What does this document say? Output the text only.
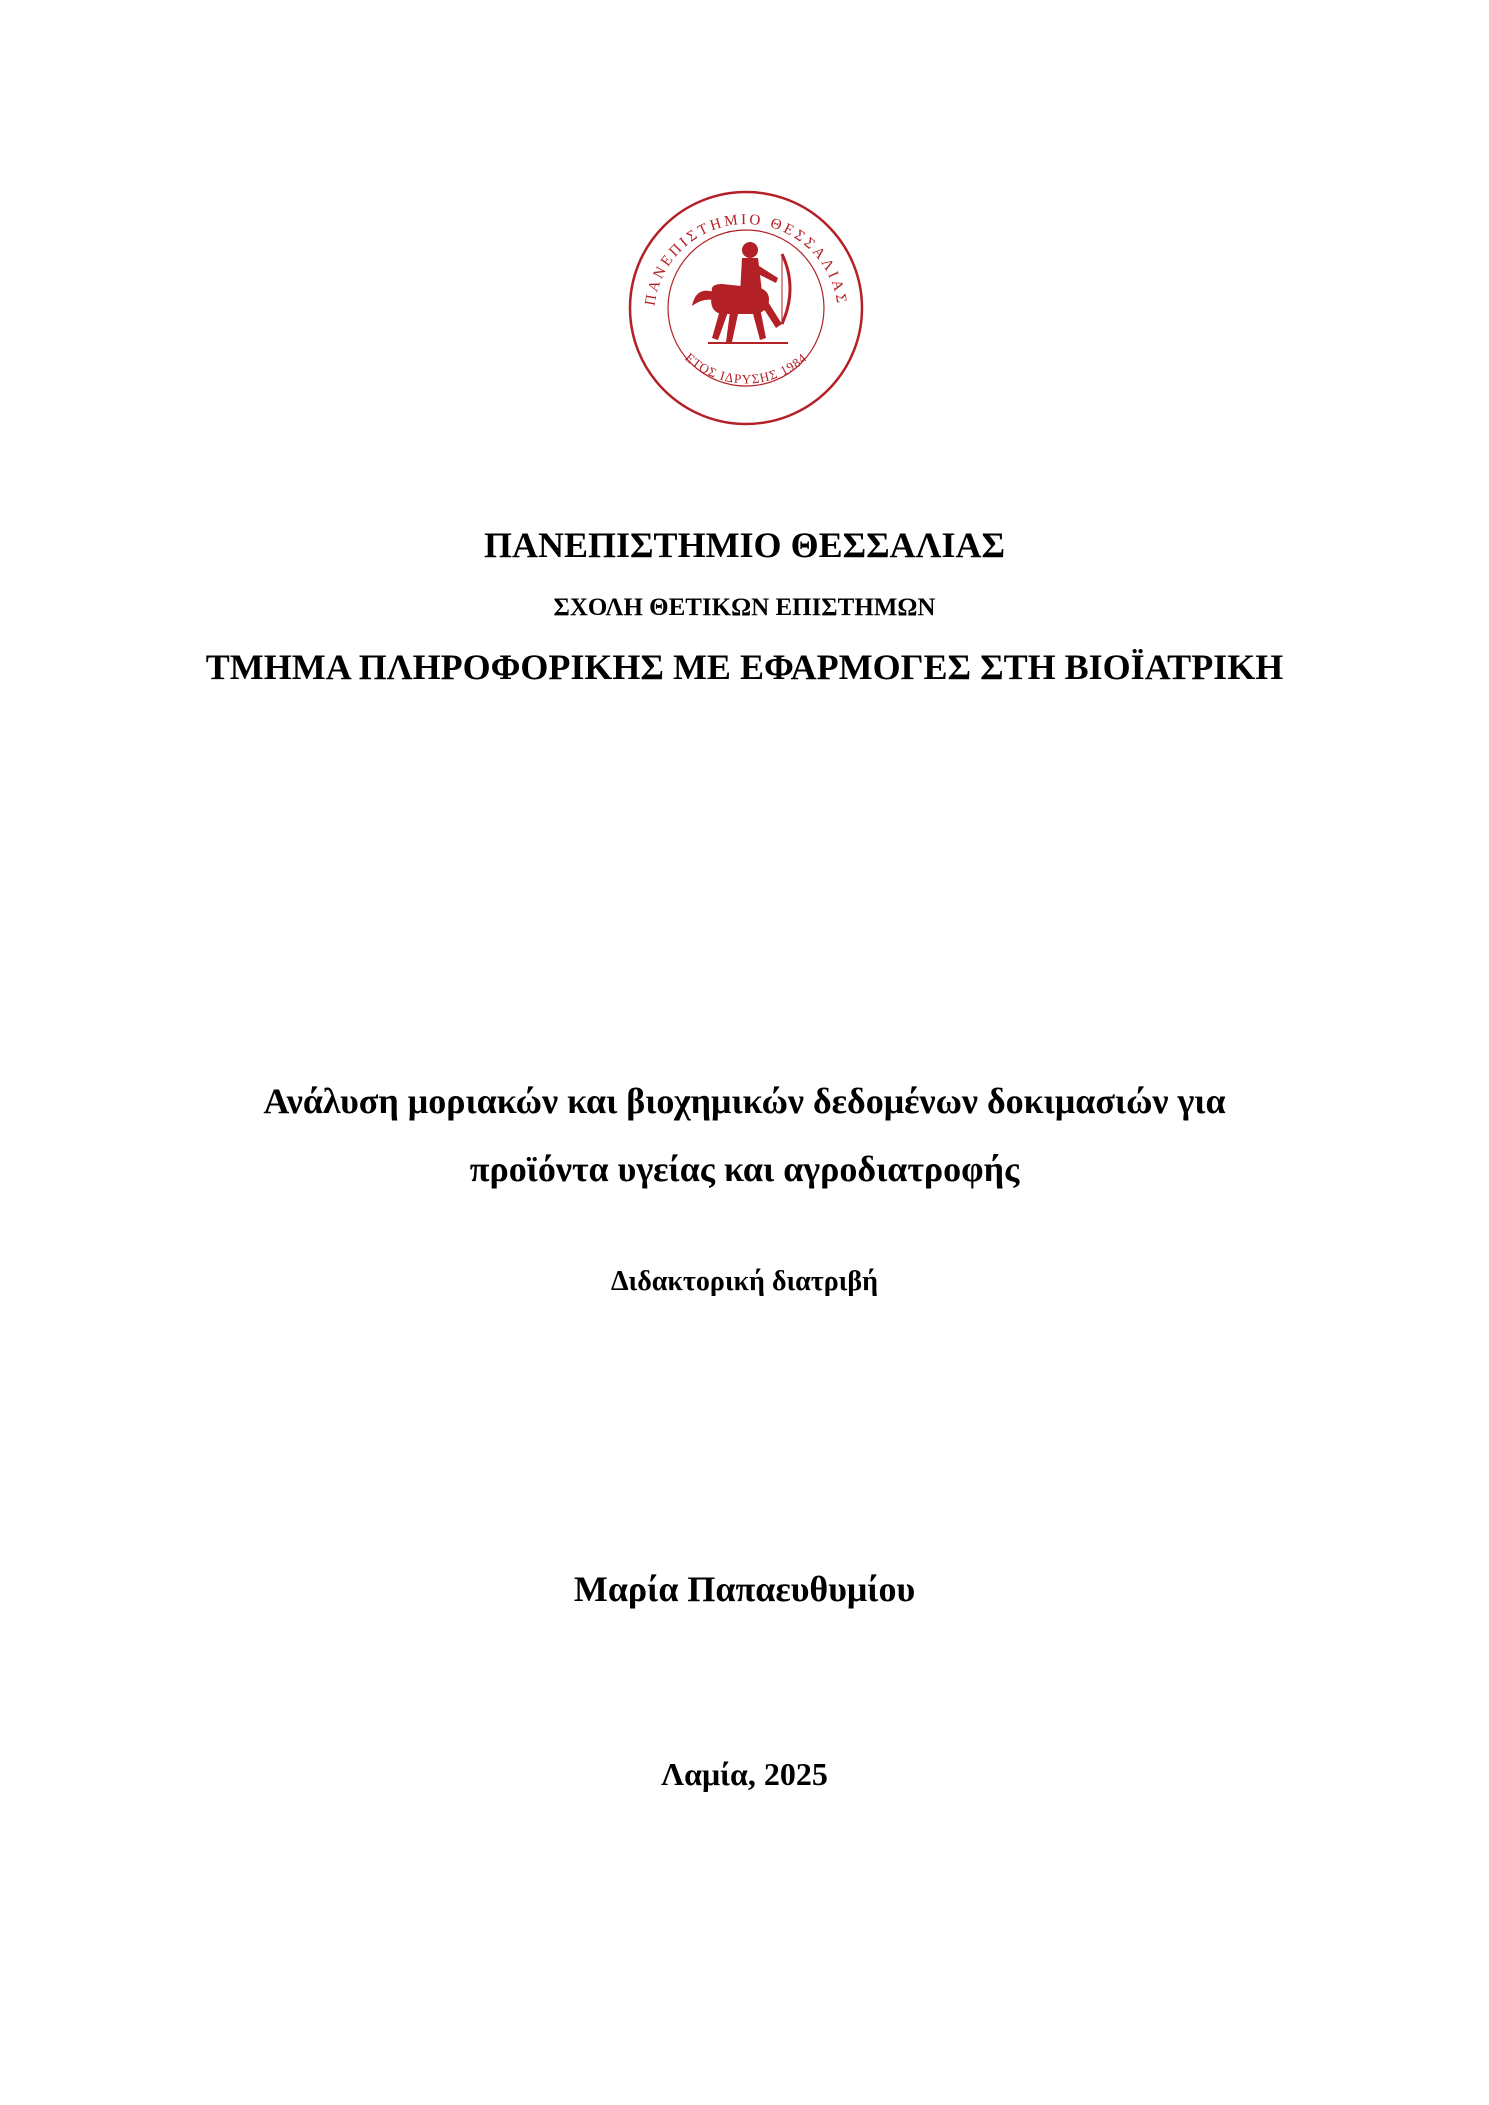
ΠΑΝΕΠΙΣΤΗΜΙΟ ΘΕΣΣΑΛΙΑΣ
ΕΤΟΣ ΙΔΡΥΣΗΣ 1984
ΠΑΝΕΠΙΣΤΗΜΙΟ ΘΕΣΣΑΛΙΑΣ
ΣΧΟΛΗ ΘΕΤΙΚΩΝ ΕΠΙΣΤΗΜΩΝ
ΤΜΗΜΑ ΠΛΗΡΟΦΟΡΙΚΗΣ ΜΕ ΕΦΑΡΜΟΓΕΣ ΣΤΗ ΒΙΟΪΑΤΡΙΚΗ
Ανάλυση μοριακών και βιοχημικών δεδομένων δοκιμασιών για
προϊόντα υγείας και αγροδιατροφής
Διδακτορική διατριβή
Μαρία Παπαευθυμίου
Λαμία, 2025
